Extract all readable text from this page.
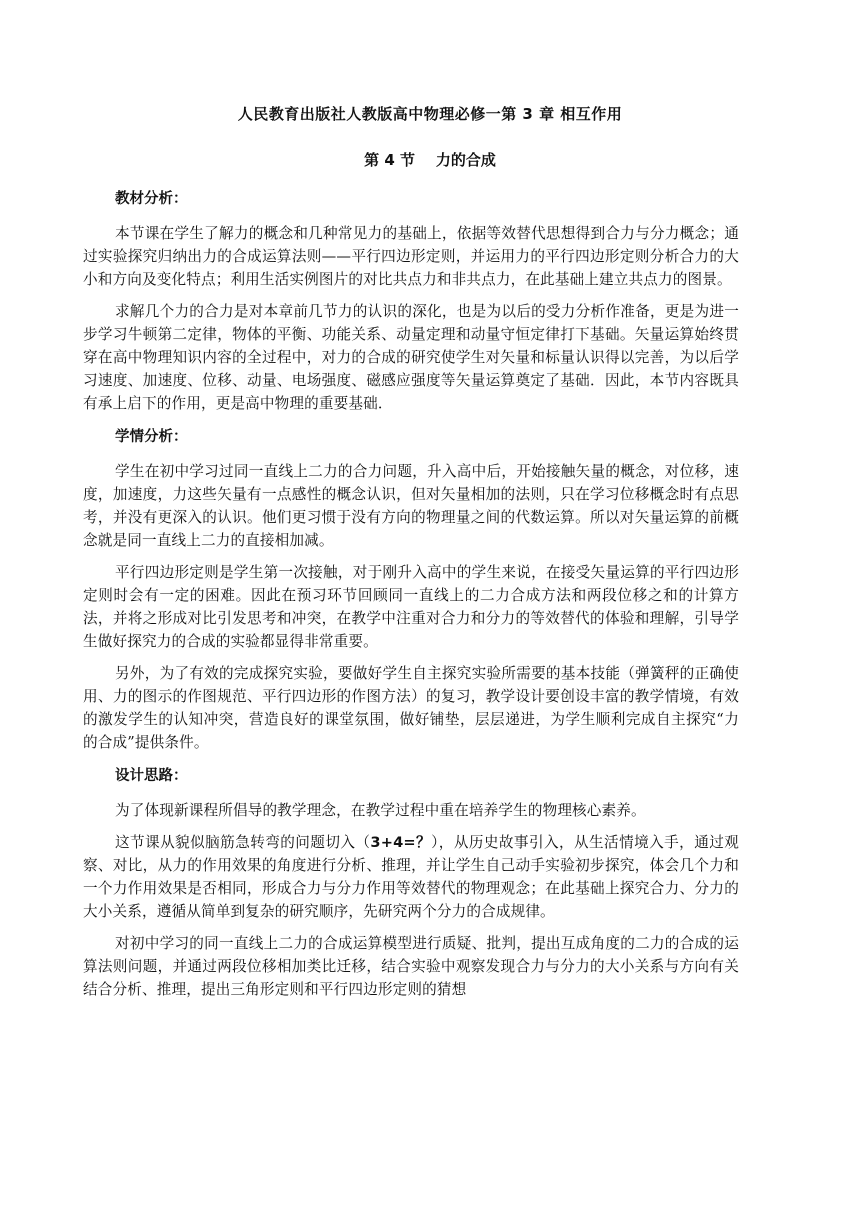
人民教育出版社人教版高中物理必修一第 3 章 相互作用
第 4 节    力的合成
教材分析：

本节课在学生了解力的概念和几种常见力的基础上，依据等效替代思想得到合力与分力概念；通过实验探究归纳出力的合成运算法则——平行四边形定则，并运用力的平行四边形定则分析合力的大小和方向及变化特点；利用生活实例图片的对比共点力和非共点力，在此基础上建立共点力的图景。

求解几个力的合力是对本章前几节力的认识的深化，也是为以后的受力分析作准备，更是为进一步学习牛顿第二定律，物体的平衡、功能关系、动量定理和动量守恒定律打下基础。矢量运算始终贯穿在高中物理知识内容的全过程中，对力的合成的研究使学生对矢量和标量认识得以完善，为以后学习速度、加速度、位移、动量、电场强度、磁感应强度等矢量运算奠定了基础．因此，本节内容既具有承上启下的作用，更是高中物理的重要基础．

学情分析：

学生在初中学习过同一直线上二力的合力问题，升入高中后，开始接触矢量的概念，对位移，速度，加速度，力这些矢量有一点感性的概念认识，但对矢量相加的法则，只在学习位移概念时有点思考，并没有更深入的认识。他们更习惯于没有方向的物理量之间的代数运算。所以对矢量运算的前概念就是同一直线上二力的直接相加减。

平行四边形定则是学生第一次接触，对于刚升入高中的学生来说，在接受矢量运算的平行四边形定则时会有一定的困难。因此在预习环节回顾同一直线上的二力合成方法和两段位移之和的计算方法，并将之形成对比引发思考和冲突，在教学中注重对合力和分力的等效替代的体验和理解，引导学生做好探究力的合成的实验都显得非常重要。

另外，为了有效的完成探究实验，要做好学生自主探究实验所需要的基本技能（弹簧秤的正确使用、力的图示的作图规范、平行四边形的作图方法）的复习，教学设计要创设丰富的教学情境，有效的激发学生的认知冲突，营造良好的课堂氛围，做好铺垫，层层递进，为学生顺利完成自主探究“力的合成”提供条件。

设计思路：

为了体现新课程所倡导的教学理念，在教学过程中重在培养学生的物理核心素养。

这节课从貌似脑筋急转弯的问题切入（3+4=？），从历史故事引入，从生活情境入手，通过观察、对比，从力的作用效果的角度进行分析、推理，并让学生自己动手实验初步探究，体会几个力和一个力作用效果是否相同，形成合力与分力作用等效替代的物理观念；在此基础上探究合力、分力的大小关系，遵循从简单到复杂的研究顺序，先研究两个分力的合成规律。

对初中学习的同一直线上二力的合成运算模型进行质疑、批判，提出互成角度的二力的合成的运算法则问题，并通过两段位移相加类比迁移，结合实验中观察发现合力与分力的大小关系与方向有关结合分析、推理，提出三角形定则和平行四边形定则的猜想
